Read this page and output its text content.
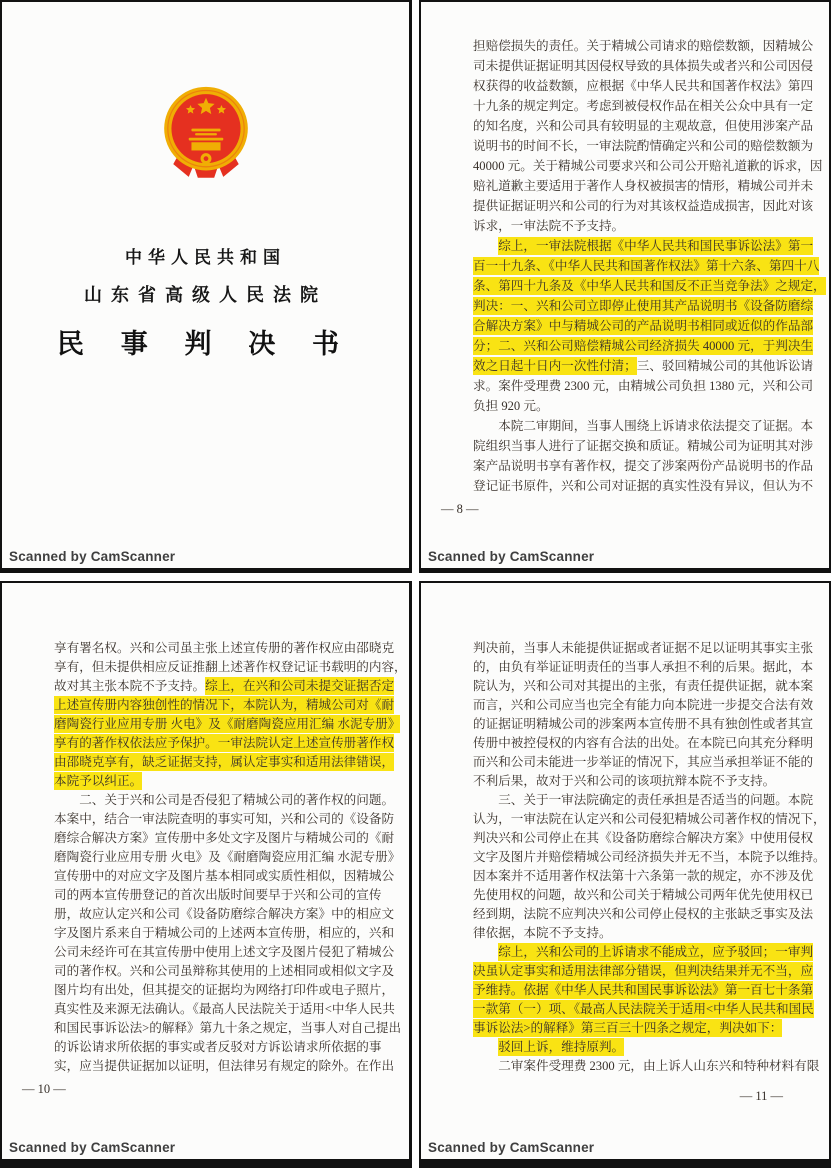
中华人民共和国
山东省高级人民法院
民 事 判 决 书
Scanned by CamScanner
担赔偿损失的责任。关于精城公司请求的赔偿数额，因精城公
司未提供证据证明其因侵权导致的具体损失或者兴和公司因侵
权获得的收益数额，应根据《中华人民共和国著作权法》第四
十九条的规定判定。考虑到被侵权作品在相关公众中具有一定
的知名度，兴和公司具有较明显的主观故意，但使用涉案产品
说明书的时间不长，一审法院酌情确定兴和公司的赔偿数额为
40000 元。关于精城公司要求兴和公司公开赔礼道歉的诉求，因
赔礼道歉主要适用于著作人身权被损害的情形，精城公司并未
提供证据证明兴和公司的行为对其该权益造成损害，因此对该
诉求，一审法院不予支持。
　　综上，一审法院根据《中华人民共和国民事诉讼法》第一
百一十九条、《中华人民共和国著作权法》第十六条、第四十八
条、第四十九条及《中华人民共和国反不正当竞争法》之规定，
判决：一、兴和公司立即停止使用其产品说明书《设备防磨综
合解决方案》中与精城公司的产品说明书相同或近似的作品部
分；二、兴和公司赔偿精城公司经济损失 40000 元，于判决生
效之日起十日内一次性付清；三、驳回精城公司的其他诉讼请
求。案件受理费 2300 元，由精城公司负担 1380 元，兴和公司
负担 920 元。
　　本院二审期间，当事人围绕上诉请求依法提交了证据。本
院组织当事人进行了证据交换和质证。精城公司为证明其对涉
案产品说明书享有著作权，提交了涉案两份产品说明书的作品
登记证书原件，兴和公司对证据的真实性没有异议，但认为不
— 8 —
Scanned by CamScanner
享有署名权。兴和公司虽主张上述宣传册的著作权应由邵晓克
享有，但未提供相应反证推翻上述著作权登记证书载明的内容，
故对其主张本院不予支持。综上，在兴和公司未提交证据否定
上述宣传册内容独创性的情况下，本院认为，精城公司对《耐
磨陶瓷行业应用专册 火电》及《耐磨陶瓷应用汇编 水泥专册》
享有的著作权依法应予保护。一审法院认定上述宣传册著作权
由邵晓克享有，缺乏证据支持，属认定事实和适用法律错误，
本院予以纠正。
　　二、关于兴和公司是否侵犯了精城公司的著作权的问题。
本案中，结合一审法院查明的事实可知，兴和公司的《设备防
磨综合解决方案》宣传册中多处文字及图片与精城公司的《耐
磨陶瓷行业应用专册 火电》及《耐磨陶瓷应用汇编 水泥专册》
宣传册中的对应文字及图片基本相同或实质性相似，因精城公
司的两本宣传册登记的首次出版时间要早于兴和公司的宣传
册，故应认定兴和公司《设备防磨综合解决方案》中的相应文
字及图片系来自于精城公司的上述两本宣传册，相应的，兴和
公司未经许可在其宣传册中使用上述文字及图片侵犯了精城公
司的著作权。兴和公司虽辩称其使用的上述相同或相似文字及
图片均有出处，但其提交的证据均为网络打印件或电子照片，
真实性及来源无法确认。《最高人民法院关于适用<中华人民共
和国民事诉讼法>的解释》第九十条之规定，当事人对自己提出
的诉讼请求所依据的事实或者反驳对方诉讼请求所依据的事
实，应当提供证据加以证明，但法律另有规定的除外。在作出
— 10 —
Scanned by CamScanner
判决前，当事人未能提供证据或者证据不足以证明其事实主张
的，由负有举证证明责任的当事人承担不利的后果。据此，本
院认为，兴和公司对其提出的主张，有责任提供证据，就本案
而言，兴和公司应当也完全有能力向本院进一步提交合法有效
的证据证明精城公司的涉案两本宣传册不具有独创性或者其宣
传册中被控侵权的内容有合法的出处。在本院已向其充分释明
而兴和公司未能进一步举证的情况下，其应当承担举证不能的
不利后果，故对于兴和公司的该项抗辩本院不予支持。
　　三、关于一审法院确定的责任承担是否适当的问题。本院
认为，一审法院在认定兴和公司侵犯精城公司著作权的情况下，
判决兴和公司停止在其《设备防磨综合解决方案》中使用侵权
文字及图片并赔偿精城公司经济损失并无不当，本院予以维持。
因本案并不适用著作权法第十六条第一款的规定，亦不涉及优
先使用权的问题，故兴和公司关于精城公司两年优先使用权已
经到期，法院不应判决兴和公司停止侵权的主张缺乏事实及法
律依据，本院不予支持。
　　综上，兴和公司的上诉请求不能成立，应予驳回；一审判
决虽认定事实和适用法律部分错误，但判决结果并无不当，应
予维持。依据《中华人民共和国民事诉讼法》第一百七十条第
一款第（一）项、《最高人民法院关于适用<中华人民共和国民
事诉讼法>的解释》第三百三十四条之规定，判决如下：
　　驳回上诉，维持原判。
　　二审案件受理费 2300 元，由上诉人山东兴和特种材料有限
— 11 —
Scanned by CamScanner
